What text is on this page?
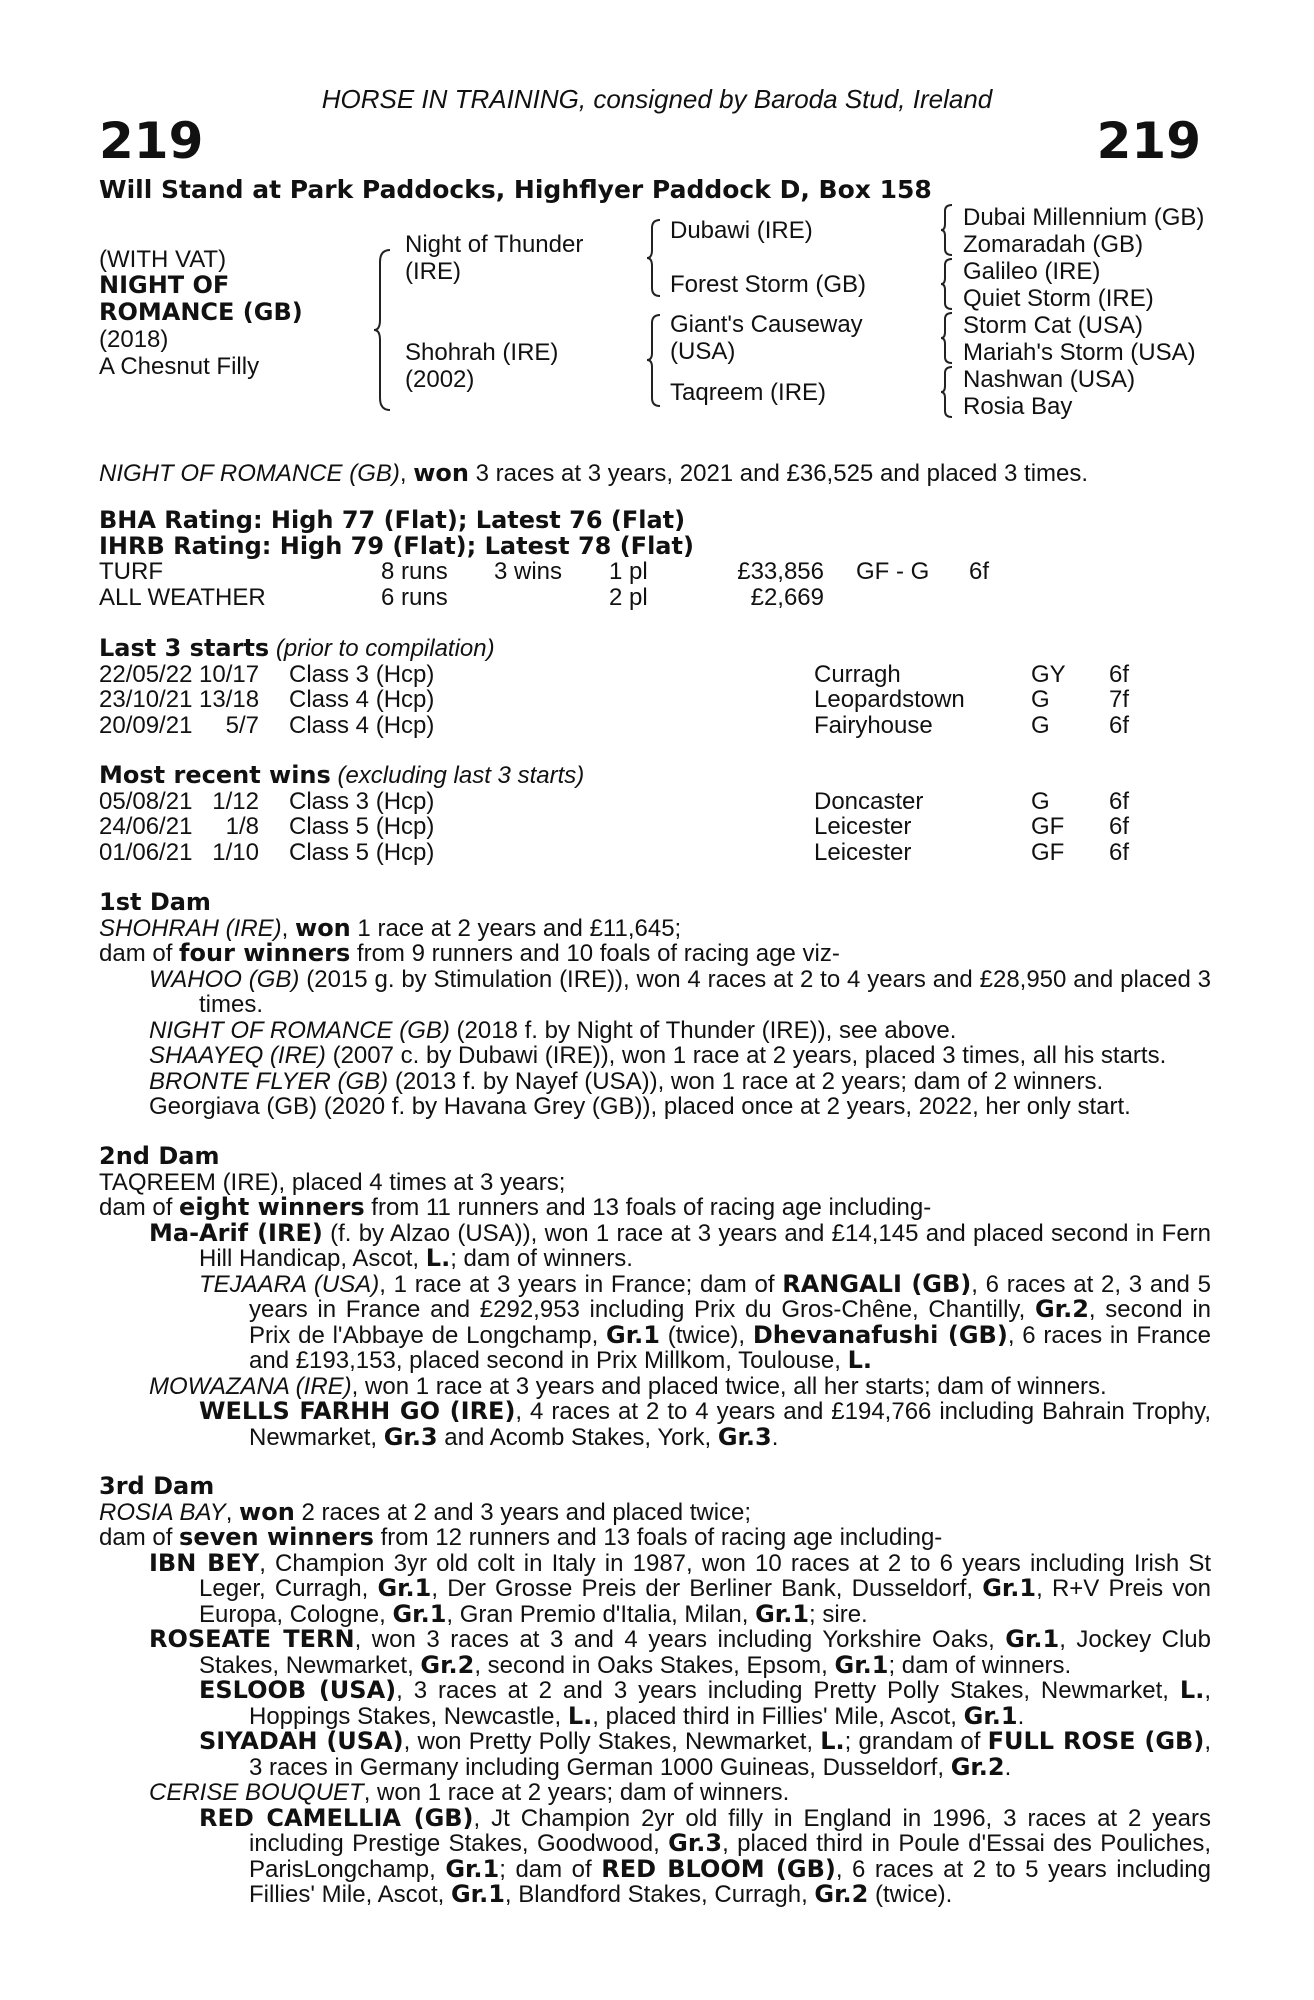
HORSE IN TRAINING, consigned by Baroda Stud, Ireland
219	219
Will Stand at Park Paddocks, Highflyer Paddock D, Box 158
(WITH VAT)
NIGHT OF
ROMANCE (GB)
(2018)
A Chesnut Filly
Night of Thunder
(IRE)
Shohrah (IRE)
(2002)
Dubawi (IRE)
Forest Storm (GB)
Giant's Causeway
(USA)
Taqreem (IRE)
Dubai Millennium (GB)
Zomaradah (GB)
Galileo (IRE)
Quiet Storm (IRE)
Storm Cat (USA)
Mariah's Storm (USA)
Nashwan (USA)
Rosia Bay
NIGHT OF ROMANCE (GB), won 3 races at 3 years, 2021 and £36,525 and placed 3 times.
BHA Rating: High 77 (Flat); Latest 76 (Flat)
IHRB Rating: High 79 (Flat); Latest 78 (Flat)
TURF	8 runs 3 wins 1 pl	£33,856 GF - G 6f
ALL WEATHER	6 runs	2 pl	£2,669
Last 3 starts (prior to compilation)
22/05/22 10/17 Class 3 (Hcp)	Curragh	GY 6f
23/10/21 13/18 Class 4 (Hcp)	Leopardstown	G 7f
20/09/21	5/7 Class 4 (Hcp)	Fairyhouse	G 6f
Most recent wins (excluding last 3 starts)
05/08/21 1/12 Class 3 (Hcp)	Doncaster	G 6f
24/06/21	1/8 Class 5 (Hcp)	Leicester	GF 6f
01/06/21 1/10 Class 5 (Hcp)	Leicester	GF 6f

1st Dam

SHOHRAH (IRE), won 1 race at 2 years and £11,645;

dam of four winners from 9 runners and 10 foals of racing age viz-

WAHOO (GB) (2015 g. by Stimulation (IRE)), won 4 races at 2 to 4 years and £28,950 and placed 3 times.

NIGHT OF ROMANCE (GB) (2018 f. by Night of Thunder (IRE)), see above.

SHAAYEQ (IRE) (2007 c. by Dubawi (IRE)), won 1 race at 2 years, placed 3 times, all his starts.

BRONTE FLYER (GB) (2013 f. by Nayef (USA)), won 1 race at 2 years; dam of 2 winners.

Georgiava (GB) (2020 f. by Havana Grey (GB)), placed once at 2 years, 2022, her only start.

2nd Dam

TAQREEM (IRE), placed 4 times at 3 years;

dam of eight winners from 11 runners and 13 foals of racing age including-

Ma-Arif (IRE) (f. by Alzao (USA)), won 1 race at 3 years and £14,145 and placed second in Fern Hill Handicap, Ascot, L.; dam of winners.

TEJAARA (USA), 1 race at 3 years in France; dam of RANGALI (GB), 6 races at 2, 3 and 5 years in France and £292,953 including Prix du Gros-Chêne, Chantilly, Gr.2, second in Prix de l'Abbaye de Longchamp, Gr.1 (twice), Dhevanafushi (GB), 6 races in France and £193,153, placed second in Prix Millkom, Toulouse, L.

MOWAZANA (IRE), won 1 race at 3 years and placed twice, all her starts; dam of winners.

WELLS FARHH GO (IRE), 4 races at 2 to 4 years and £194,766 including Bahrain Trophy, Newmarket, Gr.3 and Acomb Stakes, York, Gr.3.

3rd Dam

ROSIA BAY, won 2 races at 2 and 3 years and placed twice;

dam of seven winners from 12 runners and 13 foals of racing age including-

IBN BEY, Champion 3yr old colt in Italy in 1987, won 10 races at 2 to 6 years including Irish St Leger, Curragh, Gr.1, Der Grosse Preis der Berliner Bank, Dusseldorf, Gr.1, R+V Preis von Europa, Cologne, Gr.1, Gran Premio d'Italia, Milan, Gr.1; sire.

ROSEATE TERN, won 3 races at 3 and 4 years including Yorkshire Oaks, Gr.1, Jockey Club Stakes, Newmarket, Gr.2, second in Oaks Stakes, Epsom, Gr.1; dam of winners.

ESLOOB (USA), 3 races at 2 and 3 years including Pretty Polly Stakes, Newmarket, L., Hoppings Stakes, Newcastle, L., placed third in Fillies' Mile, Ascot, Gr.1.

SIYADAH (USA), won Pretty Polly Stakes, Newmarket, L.; grandam of FULL ROSE (GB), 3 races in Germany including German 1000 Guineas, Dusseldorf, Gr.2.

CERISE BOUQUET, won 1 race at 2 years; dam of winners.

RED CAMELLIA (GB), Jt Champion 2yr old filly in England in 1996, 3 races at 2 years including Prestige Stakes, Goodwood, Gr.3, placed third in Poule d'Essai des Pouliches, ParisLongchamp, Gr.1; dam of RED BLOOM (GB), 6 races at 2 to 5 years including Fillies' Mile, Ascot, Gr.1, Blandford Stakes, Curragh, Gr.2 (twice).
